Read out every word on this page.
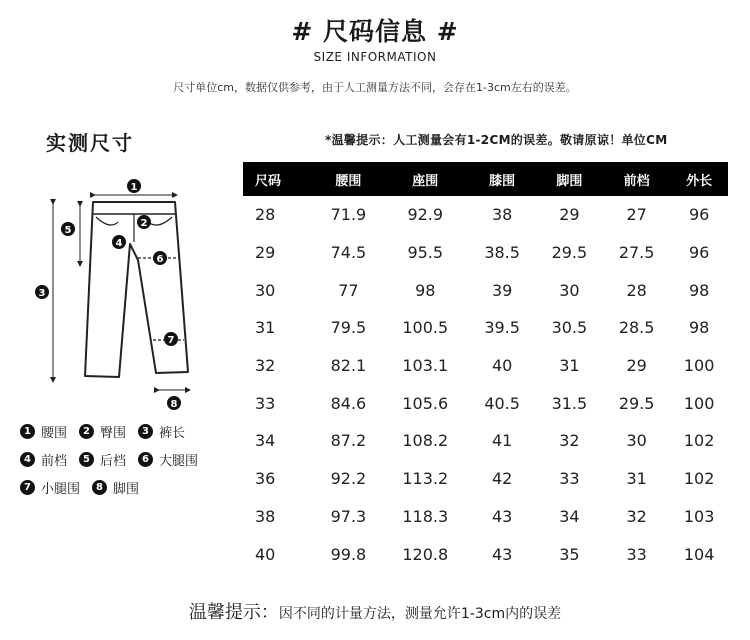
# 尺码信息 #
SIZE INFORMATION
尺寸单位cm，数据仅供参考，由于人工测量方法不同，会存在1-3cm左右的误差。
实测尺寸	*温馨提示：人工测量会有1-2CM的误差。敬请原谅！单位CM
1
2
3
4
5
6
7
8
1 腰围	2 臀围	3 裤长
4 前档	5 后档	6 大腿围
7 小腿围	8 脚围
尺码	腰围	座围	膝围	脚围	前档	外长
28	71.9	92.9	38	29	27	96
29	74.5	95.5	38.5	29.5	27.5	96
30	77	98	39	30	28	98
31	79.5	100.5	39.5	30.5	28.5	98
32	82.1	103.1	40	31	29	100
33	84.6	105.6	40.5	31.5	29.5	100
34	87.2	108.2	41	32	30	102
36	92.2	113.2	42	33	31	102
38	97.3	118.3	43	34	32	103
40	99.8	120.8	43	35	33	104
温馨提示：因不同的计量方法，测量允许1-3cm内的误差
